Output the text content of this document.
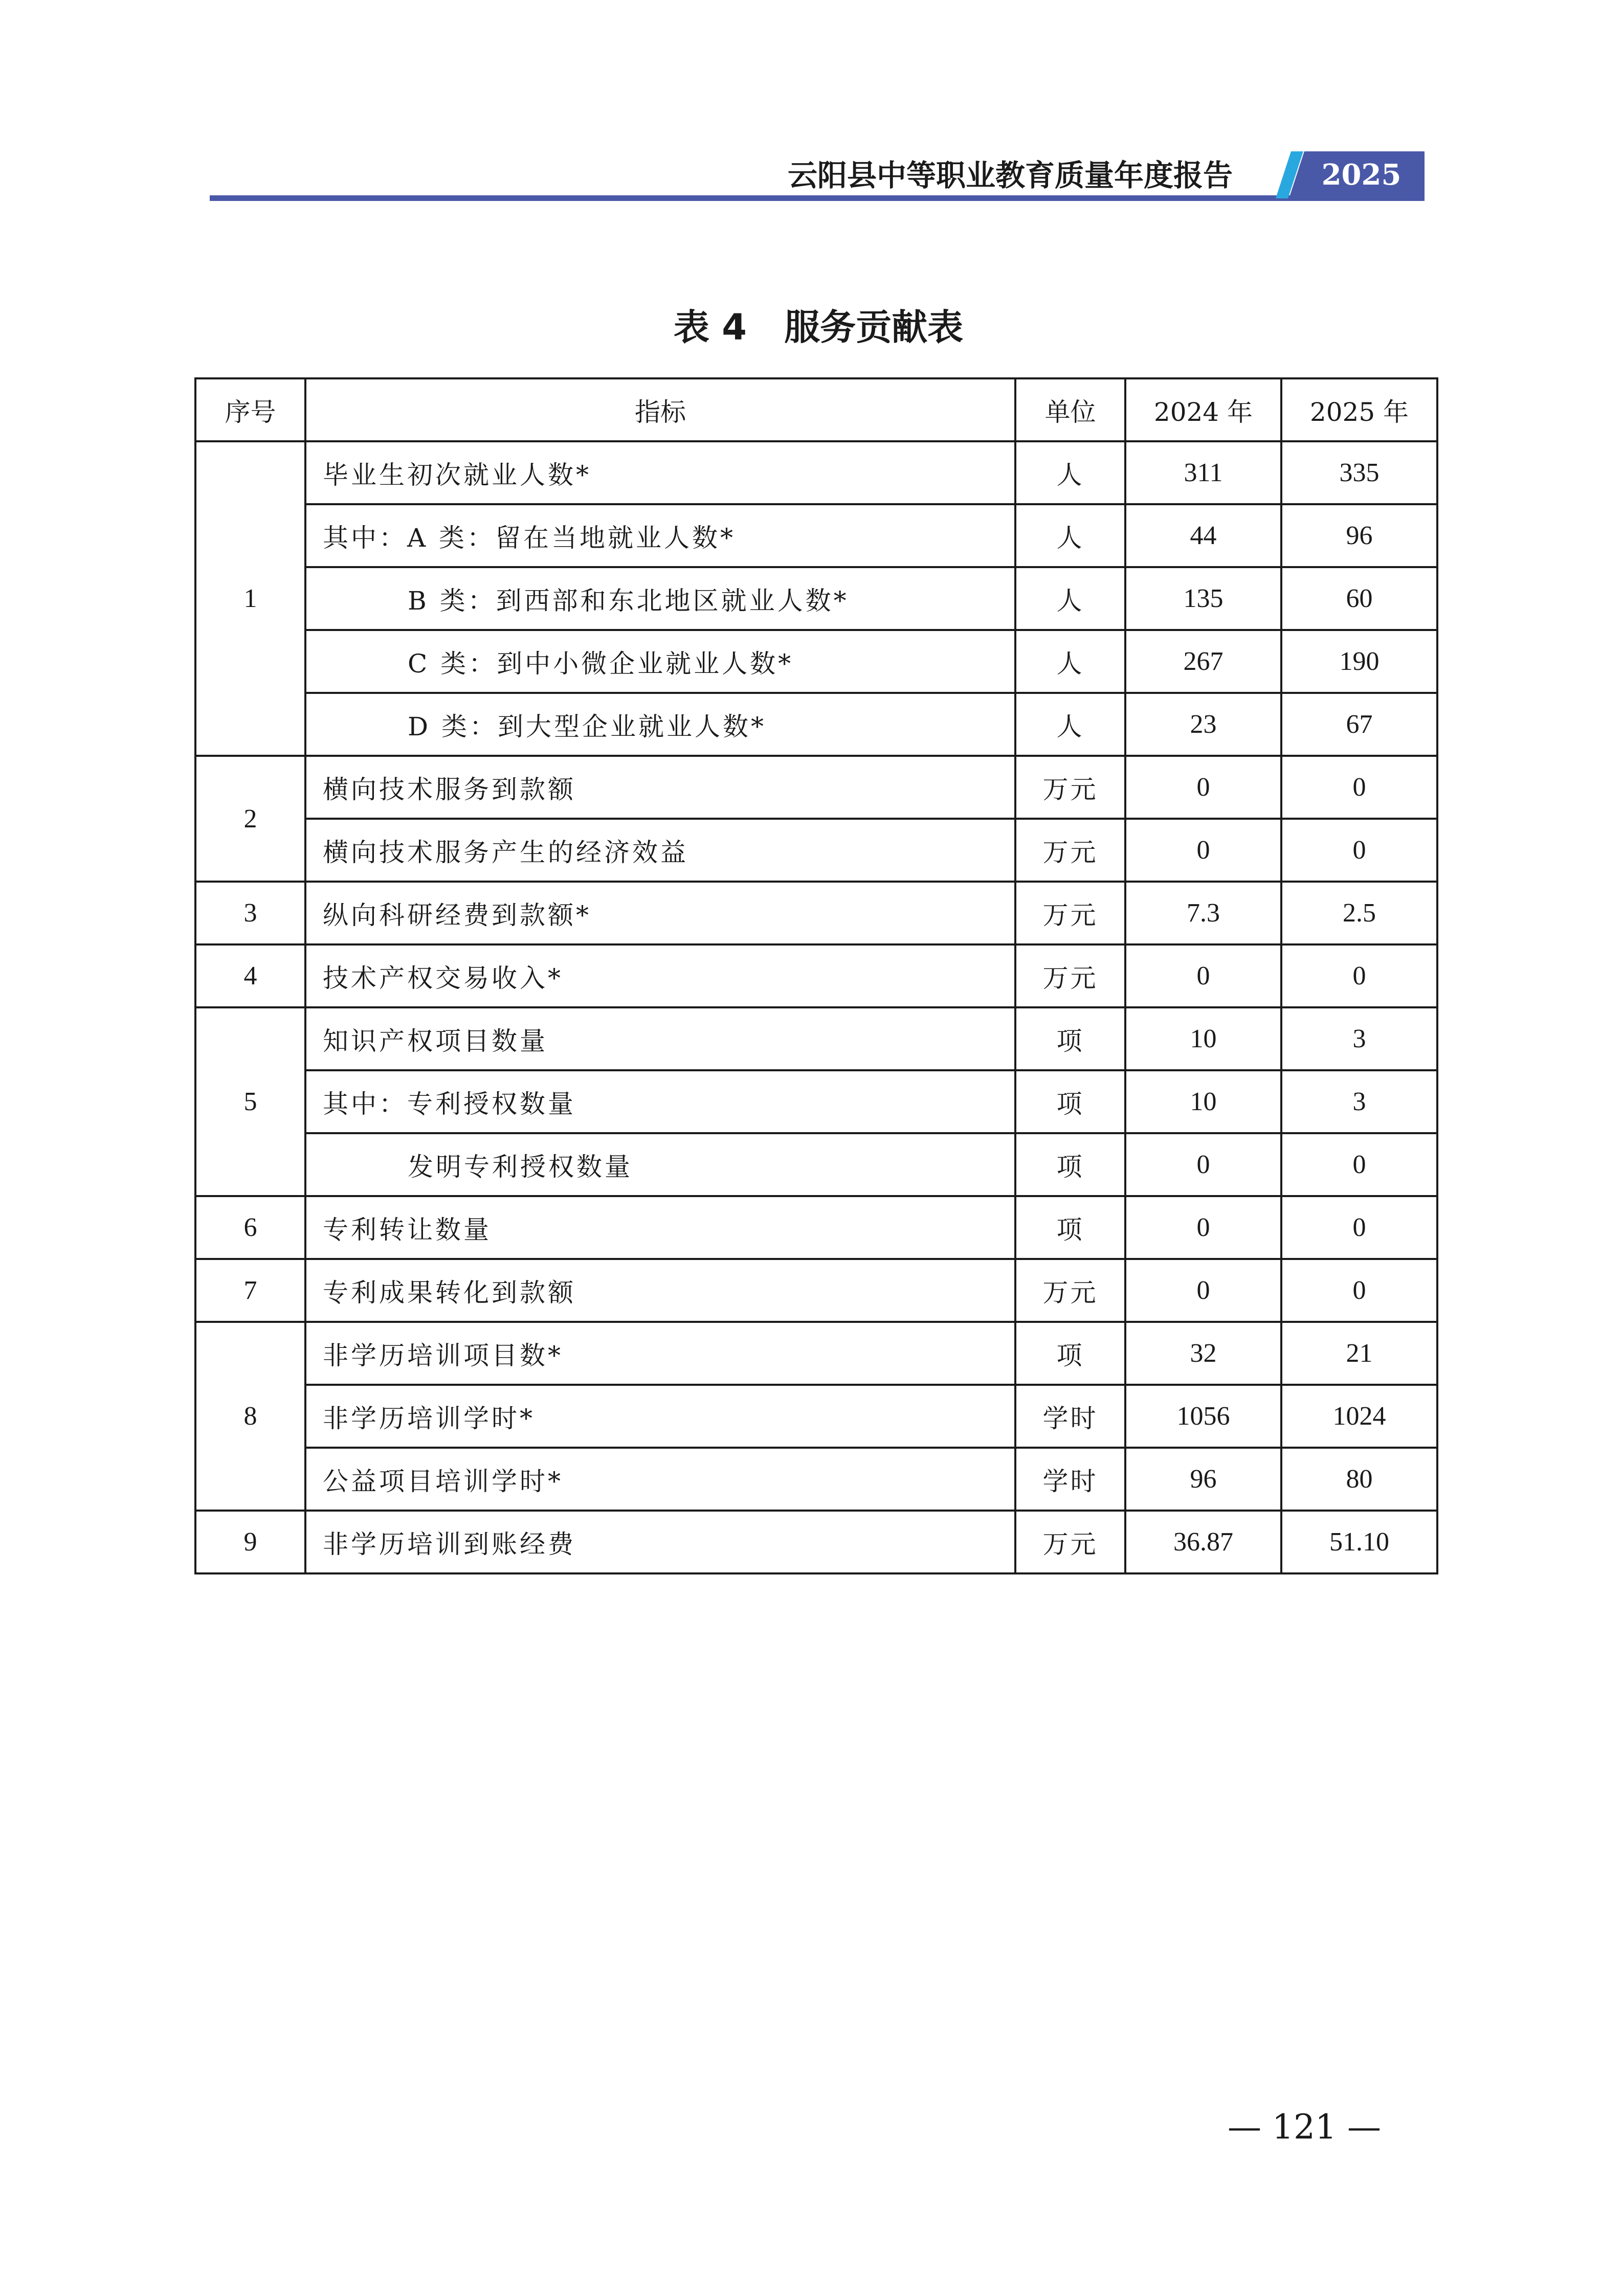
云阳县中等职业教育质量年度报告	2025
表 4   服务贡献表
序号	指标	单位	2024 年	2025 年
1	毕业生初次就业人数*	人	311	335
	其中：A 类：留在当地就业人数*	人	44	96
	B 类：到西部和东北地区就业人数*	人	135	60
	C 类：到中小微企业就业人数*	人	267	190
	D 类：到大型企业就业人数*	人	23	67
2	横向技术服务到款额	万元	0	0
	横向技术服务产生的经济效益	万元	0	0
3	纵向科研经费到款额*	万元	7.3	2.5
4	技术产权交易收入*	万元	0	0
5	知识产权项目数量	项	10	3
	其中：专利授权数量	项	10	3
	发明专利授权数量	项	0	0
6	专利转让数量	项	0	0
7	专利成果转化到款额	万元	0	0
8	非学历培训项目数*	项	32	21
	非学历培训学时*	学时	1056	1024
	公益项目培训学时*	学时	96	80
9	非学历培训到账经费	万元	36.87	51.10
— 121 —
